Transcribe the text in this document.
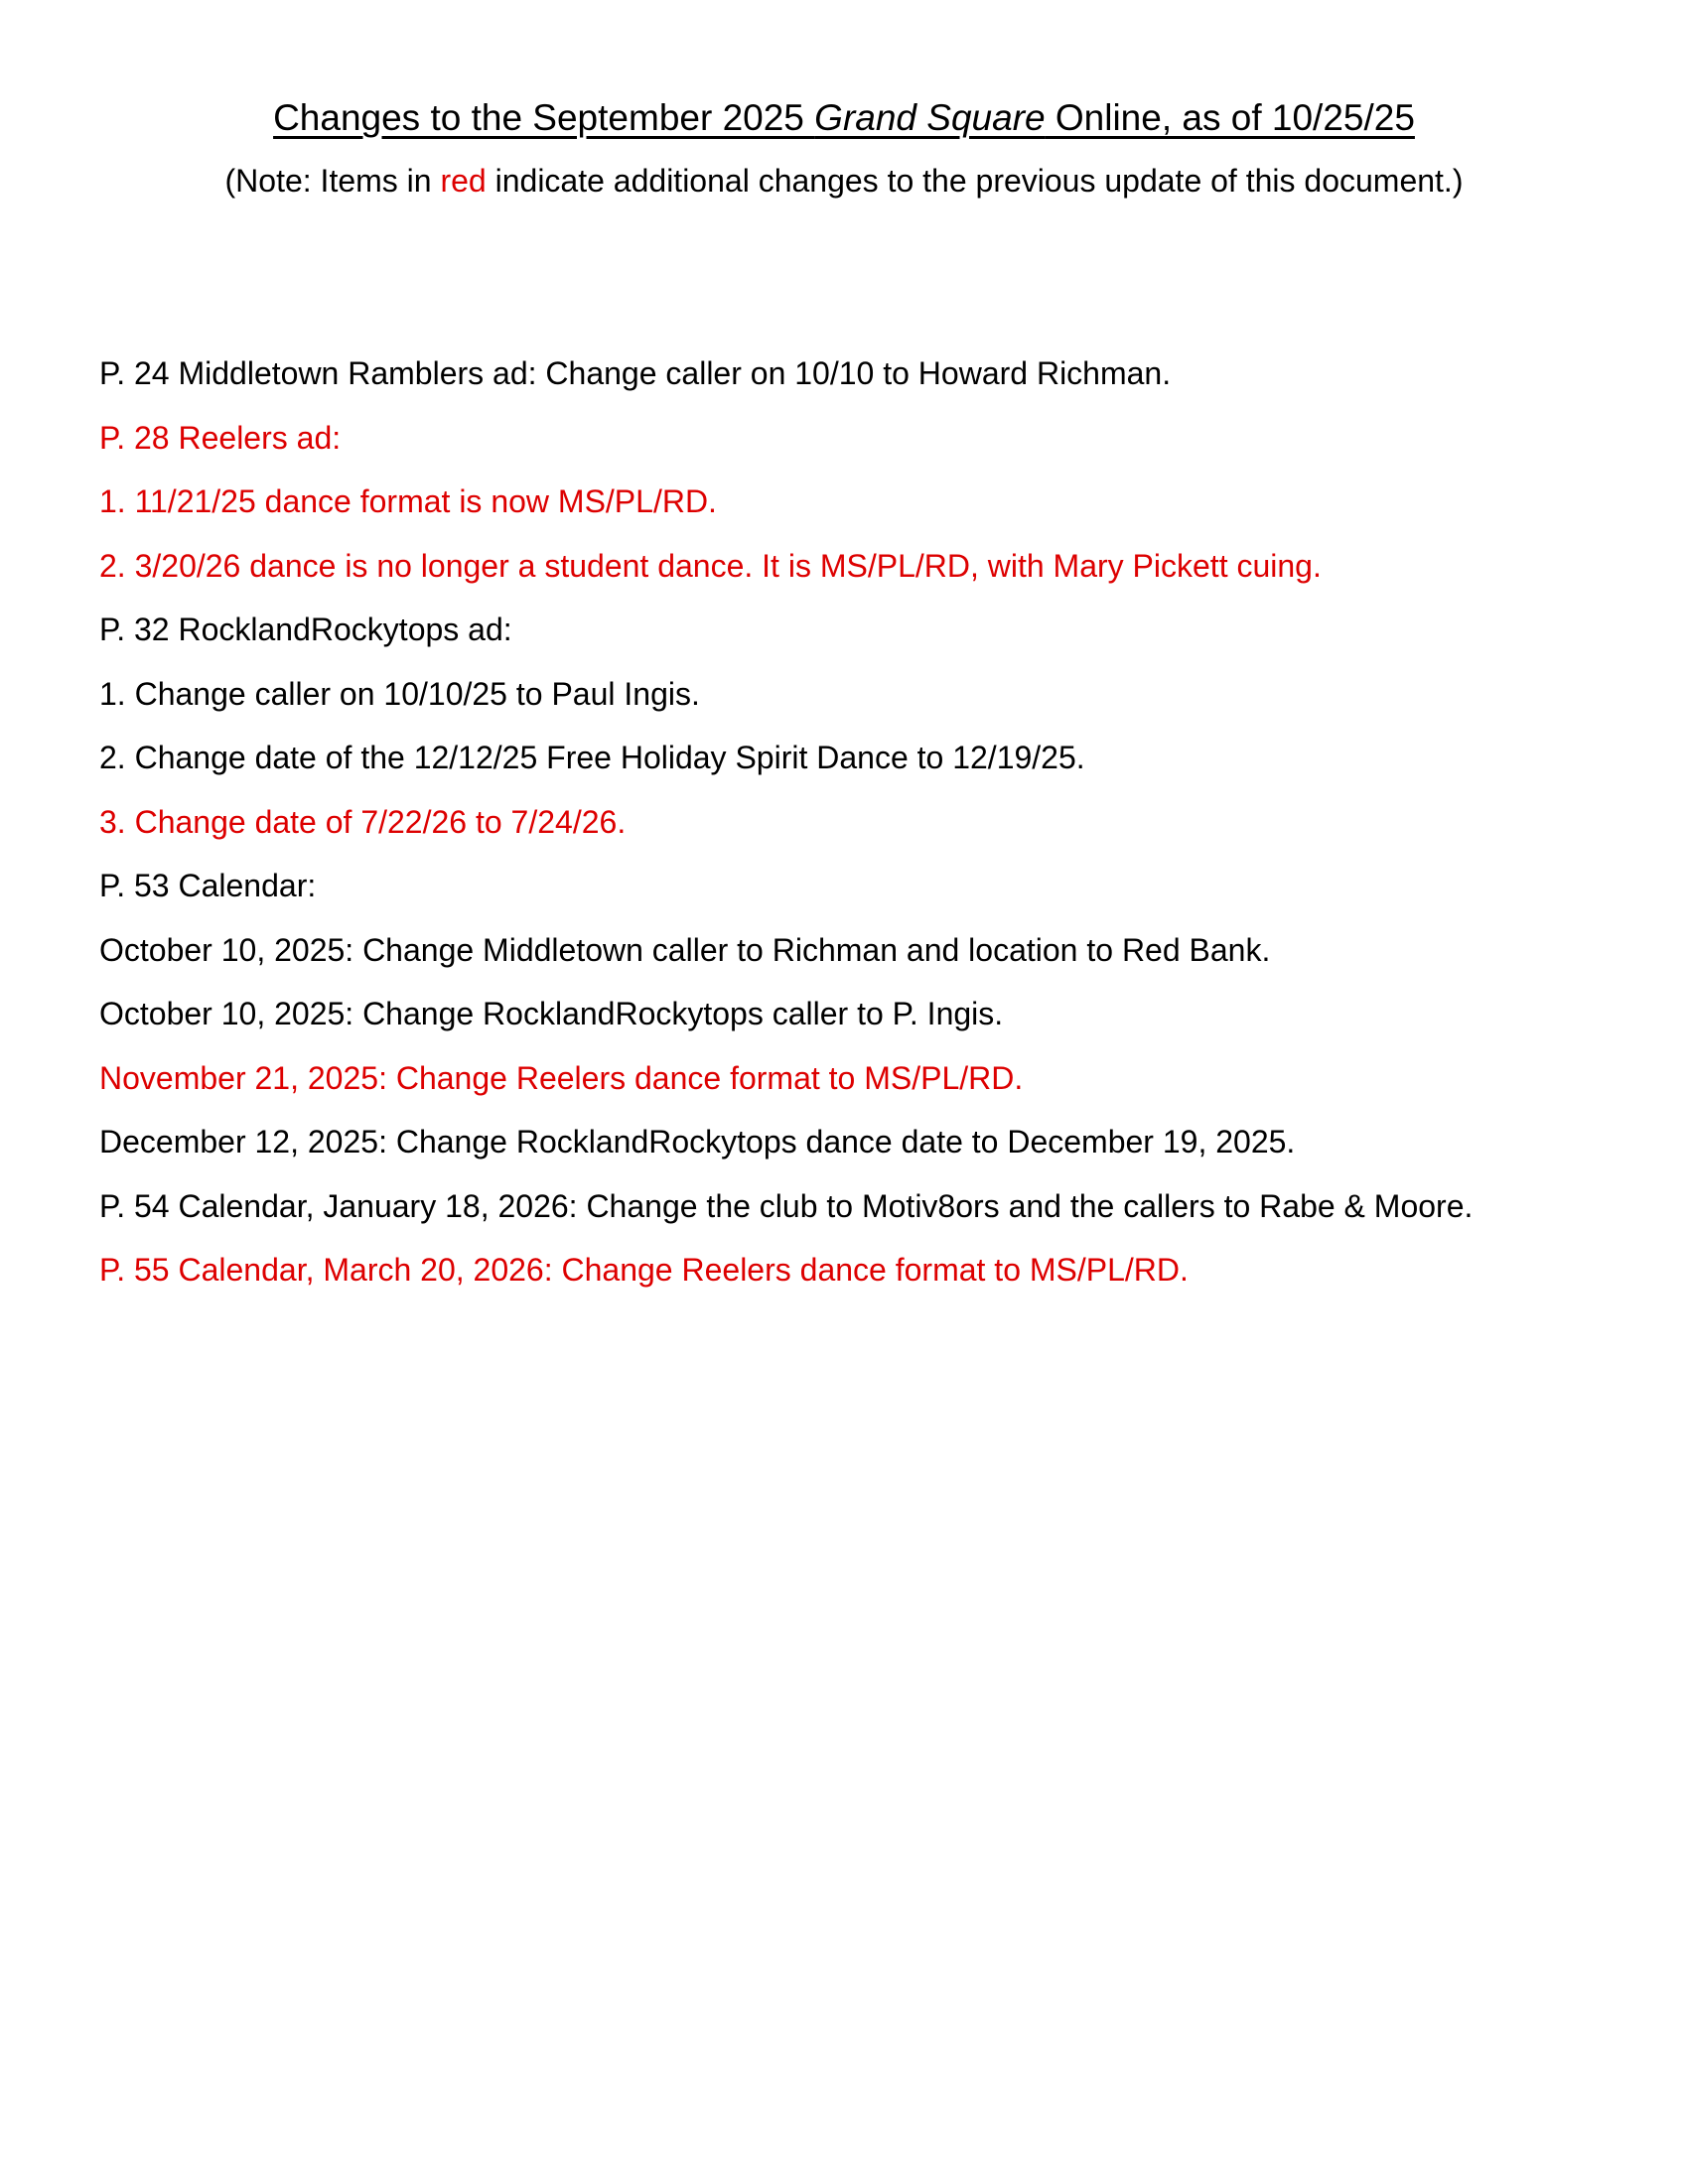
Changes to the September 2025 Grand Square Online, as of 10/25/25
(Note: Items in red indicate additional changes to the previous update of this document.)
P. 24 Middletown Ramblers ad: Change caller on 10/10 to Howard Richman.
P. 28 Reelers ad:
1. 11/21/25 dance format is now MS/PL/RD.
2. 3/20/26 dance is no longer a student dance. It is MS/PL/RD, with Mary Pickett cuing.
P. 32 RocklandRockytops ad:
1. Change caller on 10/10/25 to Paul Ingis.
2. Change date of the 12/12/25 Free Holiday Spirit Dance to 12/19/25.
3. Change date of 7/22/26 to 7/24/26.
P. 53 Calendar:
October 10, 2025: Change Middletown caller to Richman and location to Red Bank.
October 10, 2025: Change RocklandRockytops caller to P. Ingis.
November 21, 2025: Change Reelers dance format to MS/PL/RD.
December 12, 2025: Change RocklandRockytops dance date to December 19, 2025.
P. 54 Calendar, January 18, 2026: Change the club to Motiv8ors and the callers to Rabe & Moore.
P. 55 Calendar, March 20, 2026: Change Reelers dance format to MS/PL/RD.
